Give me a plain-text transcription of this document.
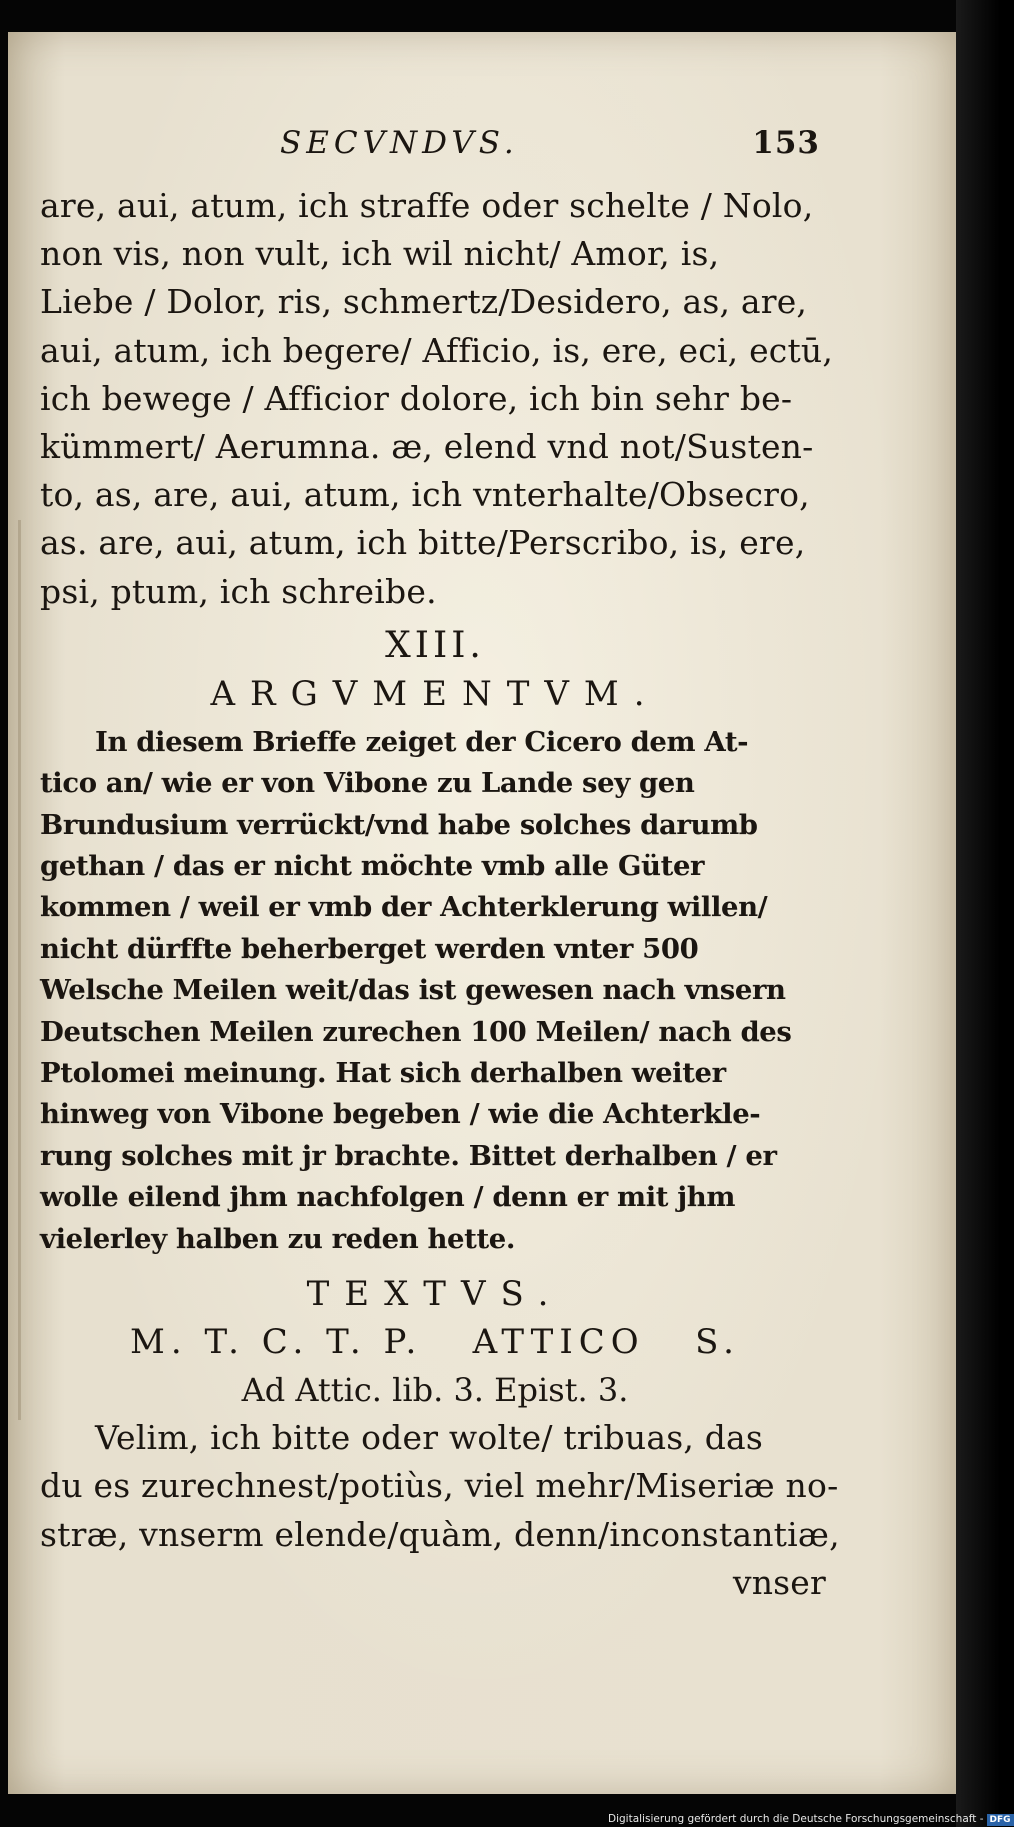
SECVNDVS.	153

are, aui, atum, ich straffe oder schelte / Nolo,

non vis, non vult, ich wil nicht/ Amor, is,

Liebe / Dolor, ris, schmertz/Desidero, as, are,

aui, atum, ich begere/ Afficio, is, ere, eci, ectū,

ich bewege / Afficior dolore, ich bin sehr be-

kümmert/ Aerumna. æ, elend vnd not/Susten-

to, as, are, aui, atum, ich vnterhalte/Obsecro,

as. are, aui, atum, ich bitte/Perscribo, is, ere,

psi, ptum, ich schreibe.

XIII.

ARGVMENTVM.

In diesem Brieffe zeiget der Cicero dem At-

tico an/ wie er von Vibone zu Lande sey gen

Brundusium verrückt/vnd habe solches darumb

gethan / das er nicht möchte vmb alle Güter

kommen / weil er vmb der Achterklerung willen/

nicht dürffte beherberget werden vnter 500

Welsche Meilen weit/das ist gewesen nach vnsern

Deutschen Meilen zurechen 100 Meilen/ nach des

Ptolomei meinung. Hat sich derhalben weiter

hinweg von Vibone begeben / wie die Achterkle-

rung solches mit jr brachte. Bittet derhalben / er

wolle eilend jhm nachfolgen / denn er mit jhm

vielerley halben zu reden hette.

TEXTVS.

M. T. C. T. P.   ATTICO   S.

Ad Attic. lib. 3. Epist. 3.

Velim, ich bitte oder wolte/ tribuas, das

du es zurechnest/potiùs, viel mehr/Miseriæ no-

stræ, vnserm elende/quàm, denn/inconstantiæ,

vnser

Digitalisierung gefördert durch die Deutsche Forschungsgemeinschaft - DFG
